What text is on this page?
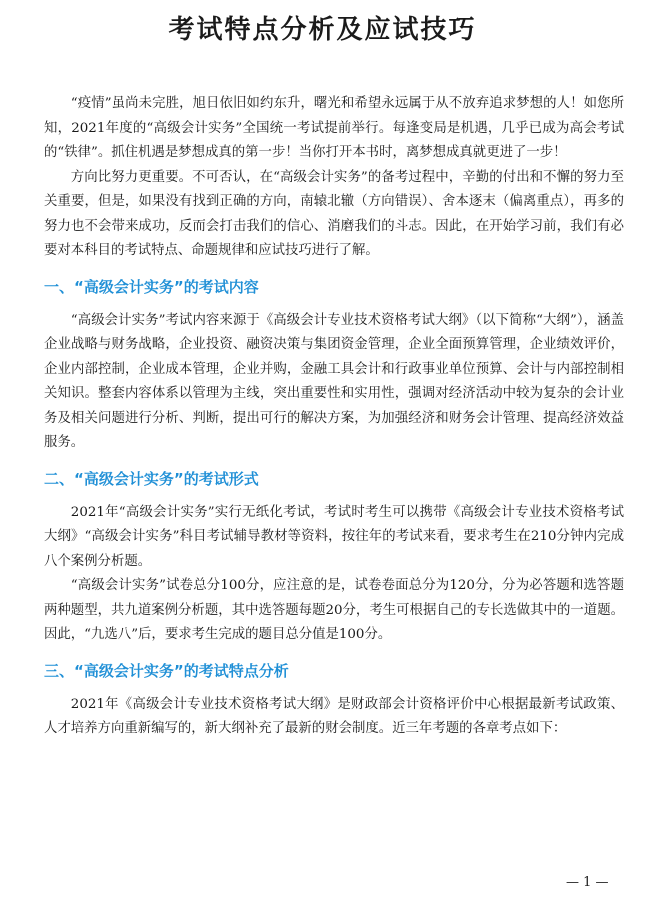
考试特点分析及应试技巧

“疫情”虽尚未完胜，旭日依旧如约东升，曙光和希望永远属于从不放弃追求梦想的人！如您所知，2021年度的“高级会计实务”全国统一考试提前举行。每逢变局是机遇，几乎已成为高会考试的“铁律”。抓住机遇是梦想成真的第一步！当你打开本书时，离梦想成真就更进了一步！

方向比努力更重要。不可否认，在“高级会计实务”的备考过程中，辛勤的付出和不懈的努力至关重要，但是，如果没有找到正确的方向，南辕北辙（方向错误）、舍本逐末（偏离重点），再多的努力也不会带来成功，反而会打击我们的信心、消磨我们的斗志。因此，在开始学习前，我们有必要对本科目的考试特点、命题规律和应试技巧进行了解。

一、“高级会计实务”的考试内容

“高级会计实务”考试内容来源于《高级会计专业技术资格考试大纲》（以下简称“大纲”），涵盖企业战略与财务战略，企业投资、融资决策与集团资金管理，企业全面预算管理，企业绩效评价，企业内部控制，企业成本管理，企业并购，金融工具会计和行政事业单位预算、会计与内部控制相关知识。整套内容体系以管理为主线，突出重要性和实用性，强调对经济活动中较为复杂的会计业务及相关问题进行分析、判断，提出可行的解决方案，为加强经济和财务会计管理、提高经济效益服务。

二、“高级会计实务”的考试形式

2021年“高级会计实务”实行无纸化考试，考试时考生可以携带《高级会计专业技术资格考试大纲》“高级会计实务”科目考试辅导教材等资料，按往年的考试来看，要求考生在210分钟内完成八个案例分析题。

“高级会计实务”试卷总分100分，应注意的是，试卷卷面总分为120分，分为必答题和选答题两种题型，共九道案例分析题，其中选答题每题20分，考生可根据自己的专长选做其中的一道题。因此，“九选八”后，要求考生完成的题目总分值是100分。

三、“高级会计实务”的考试特点分析

2021年《高级会计专业技术资格考试大纲》是财政部会计资格评价中心根据最新考试政策、人才培养方向重新编写的，新大纲补充了最新的财会制度。近三年考题的各章考点如下：

— 1 —
